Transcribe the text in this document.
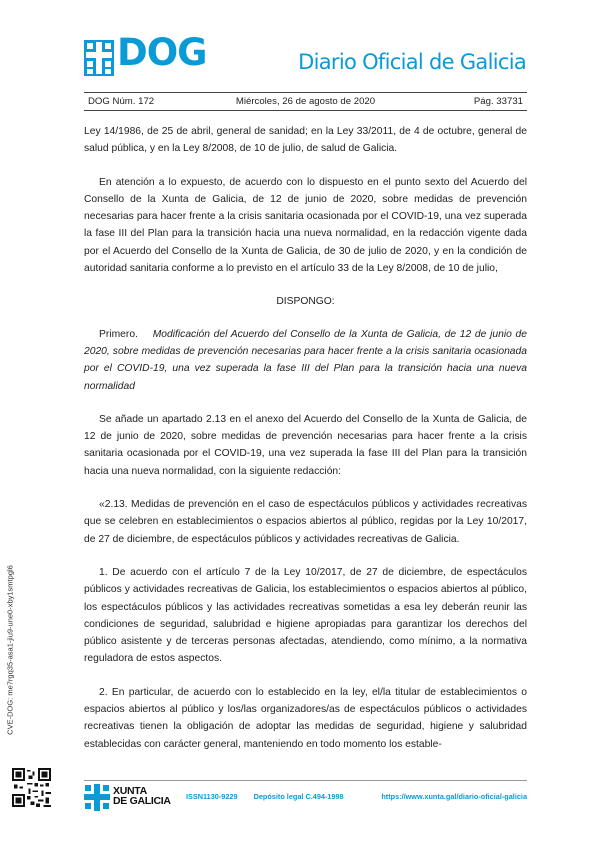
DOG	Diario Oficial de Galicia
Miércoles, 26 de agosto de 2020
DOG Núm. 172	Pág. 33731

Ley 14/1986, de 25 de abril, general de sanidad; en la Ley 33/2011, de 4 de octubre, general de salud pública, y en la Ley 8/2008, de 10 de julio, de salud de Galicia.

En atención a lo expuesto, de acuerdo con lo dispuesto en el punto sexto del Acuerdo del Consello de la Xunta de Galicia, de 12 de junio de 2020, sobre medidas de prevención necesarias para hacer frente a la crisis sanitaria ocasionada por el COVID-19, una vez superada la fase III del Plan para la transición hacia una nueva normalidad, en la redacción vigente dada por el Acuerdo del Consello de la Xunta de Galicia, de 30 de julio de 2020, y en la condición de autoridad sanitaria conforme a lo previsto en el artículo 33 de la Ley 8/2008, de 10 de julio,

DISPONGO:

Primero. Modificación del Acuerdo del Consello de la Xunta de Galicia, de 12 de junio de 2020, sobre medidas de prevención necesarias para hacer frente a la crisis sanitaria ocasionada por el COVID-19, una vez superada la fase III del Plan para la transición hacia una nueva normalidad

Se añade un apartado 2.13 en el anexo del Acuerdo del Consello de la Xunta de Galicia, de 12 de junio de 2020, sobre medidas de prevención necesarias para hacer frente a la crisis sanitaria ocasionada por el COVID-19, una vez superada la fase III del Plan para la transición hacia una nueva normalidad, con la siguiente redacción:

«2.13. Medidas de prevención en el caso de espectáculos públicos y actividades recreativas que se celebren en establecimientos o espacios abiertos al público, regidas por la Ley 10/2017, de 27 de diciembre, de espectáculos públicos y actividades recreativas de Galicia.

1. De acuerdo con el artículo 7 de la Ley 10/2017, de 27 de diciembre, de espectáculos públicos y actividades recreativas de Galicia, los establecimientos o espacios abiertos al público, los espectáculos públicos y las actividades recreativas sometidas a esa ley deberán reunir las condiciones de seguridad, salubridad e higiene apropiadas para garantizar los derechos del público asistente y de terceras personas afectadas, atendiendo, como mínimo, a la normativa reguladora de estos aspectos.

2. En particular, de acuerdo con lo establecido en la ley, el/la titular de establecimientos o espacios abiertos al público y los/las organizadores/as de espectáculos públicos o actividades recreativas tienen la obligación de adoptar las medidas de seguridad, higiene y salubridad establecidas con carácter general, manteniendo en todo momento los estable-

CVE-DOG: me7rgq35-asa1-jiu9-une0-xby1smtpgl6
XUNTA
DE GALICIA ISSN1130-9229 Depósito legal C.494-1998	https://www.xunta.gal/diario-oficial-galicia
